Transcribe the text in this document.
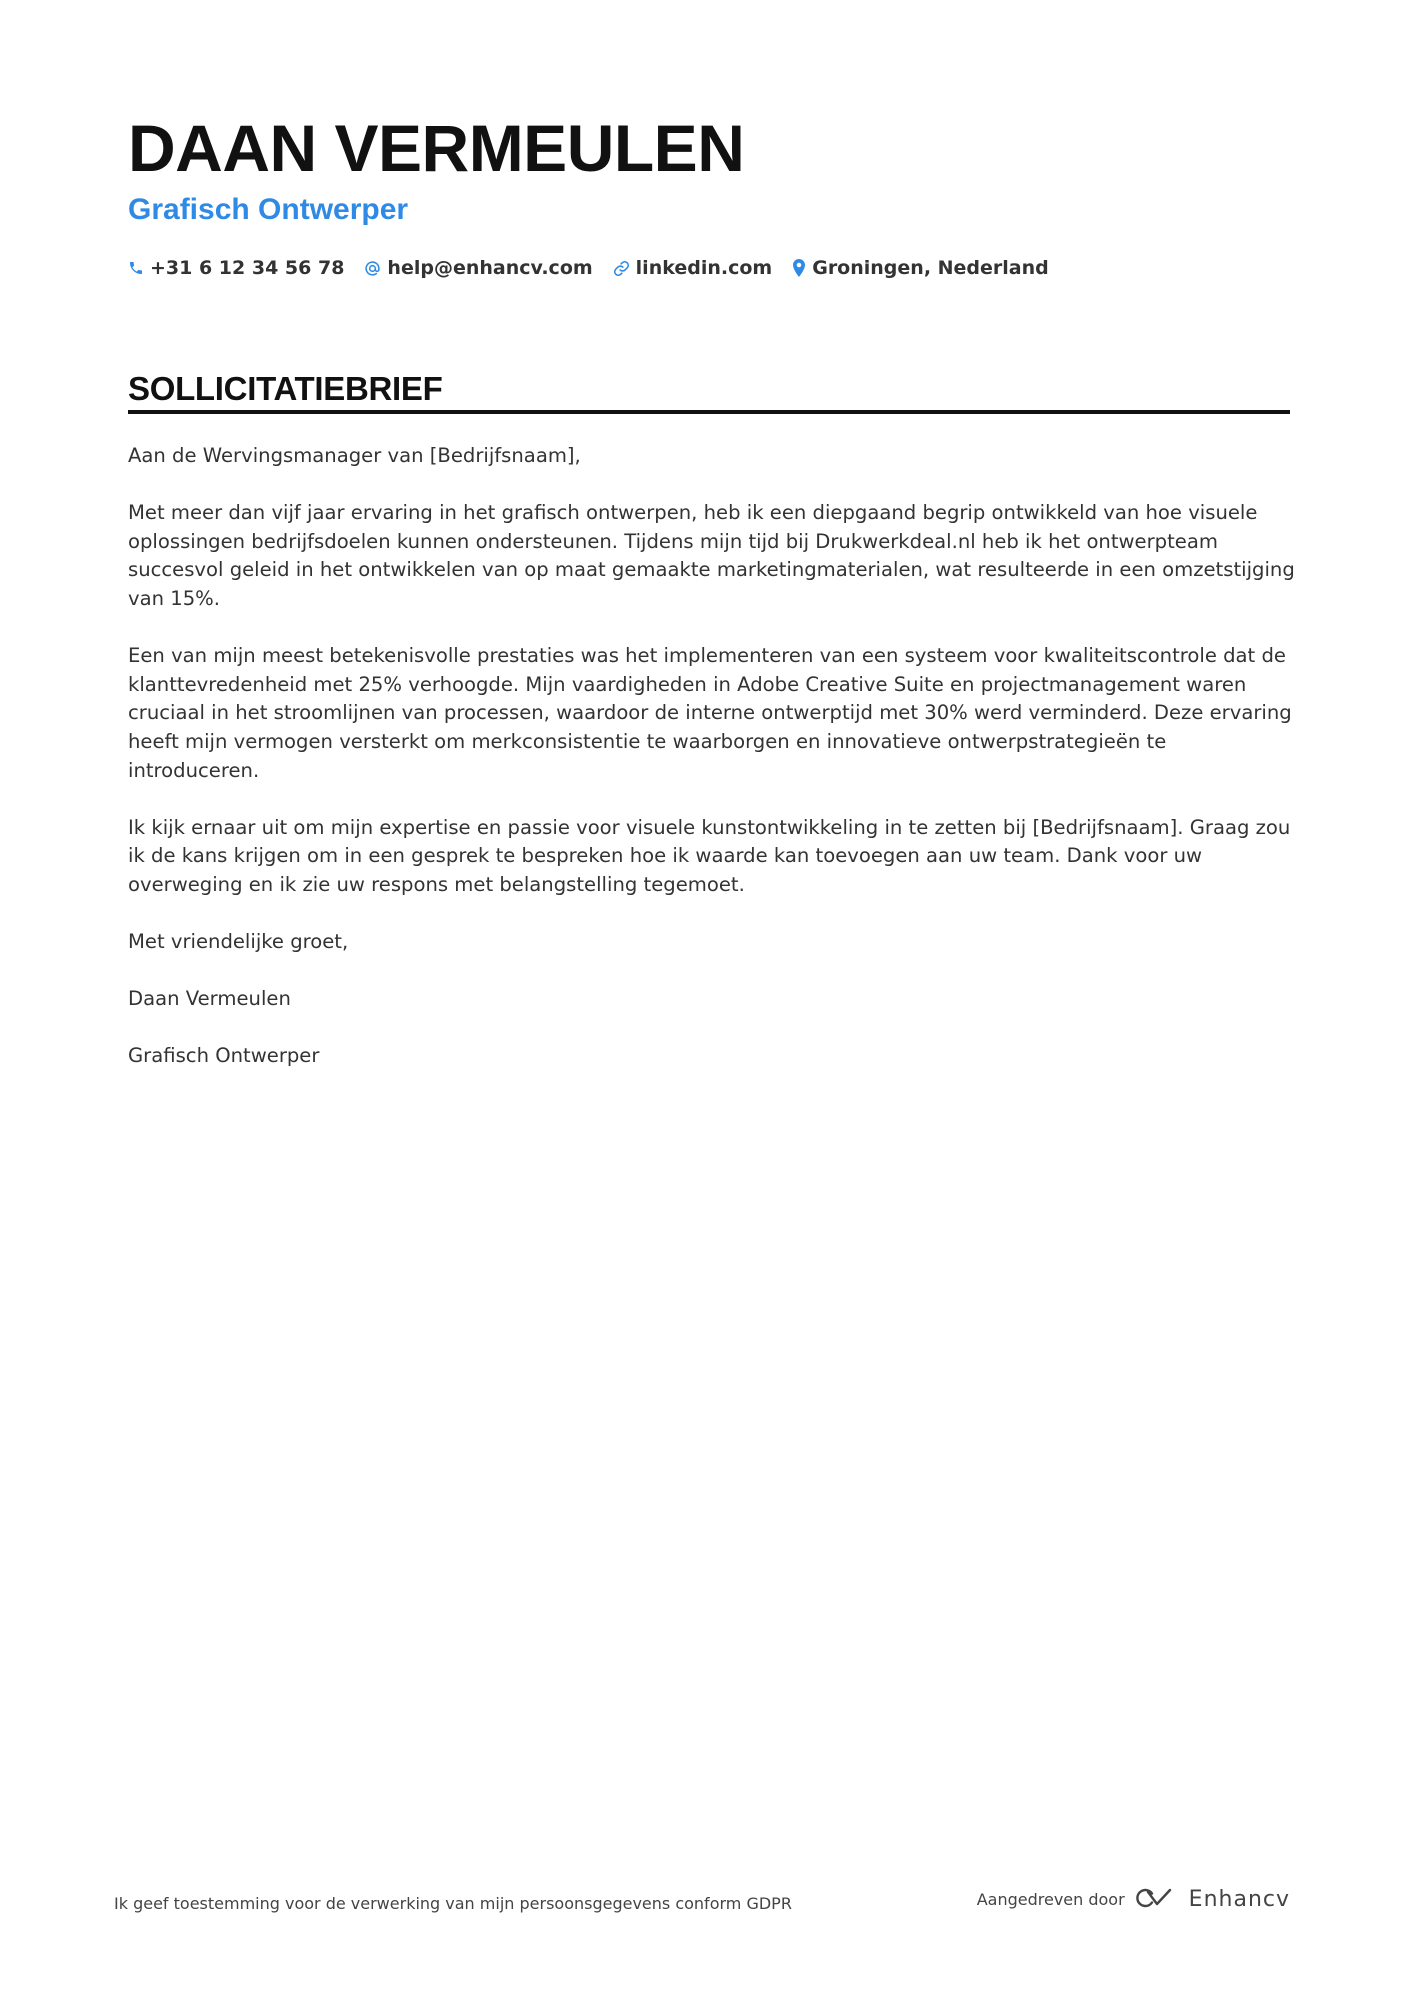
DAAN VERMEULEN
Grafisch Ontwerper
+31 6 12 34 56 78 help@enhancv.com linkedin.com Groningen, Nederland
SOLLICITATIEBRIEF

Aan de Wervingsmanager van [Bedrijfsnaam],

Met meer dan vijf jaar ervaring in het grafisch ontwerpen, heb ik een diepgaand begrip ontwikkeld van hoe visuele oplossingen bedrijfsdoelen kunnen ondersteunen. Tijdens mijn tijd bij Drukwerkdeal.nl heb ik het ontwerpteam succesvol geleid in het ontwikkelen van op maat gemaakte marketingmaterialen, wat resulteerde in een omzetstijging van 15%.

Een van mijn meest betekenisvolle prestaties was het implementeren van een systeem voor kwaliteitscontrole dat de klanttevredenheid met 25% verhoogde. Mijn vaardigheden in Adobe Creative Suite en projectmanagement waren cruciaal in het stroomlijnen van processen, waardoor de interne ontwerptijd met 30% werd verminderd. Deze ervaring heeft mijn vermogen versterkt om merkconsistentie te waarborgen en innovatieve ontwerpstrategieën te introduceren.

Ik kijk ernaar uit om mijn expertise en passie voor visuele kunstontwikkeling in te zetten bij [Bedrijfsnaam]. Graag zou ik de kans krijgen om in een gesprek te bespreken hoe ik waarde kan toevoegen aan uw team. Dank voor uw overweging en ik zie uw respons met belangstelling tegemoet.

Met vriendelijke groet,

Daan Vermeulen

Grafisch Ontwerper

Ik geef toestemming voor de verwerking van mijn persoonsgegevens conform GDPR	Aangedreven door	Enhancv
